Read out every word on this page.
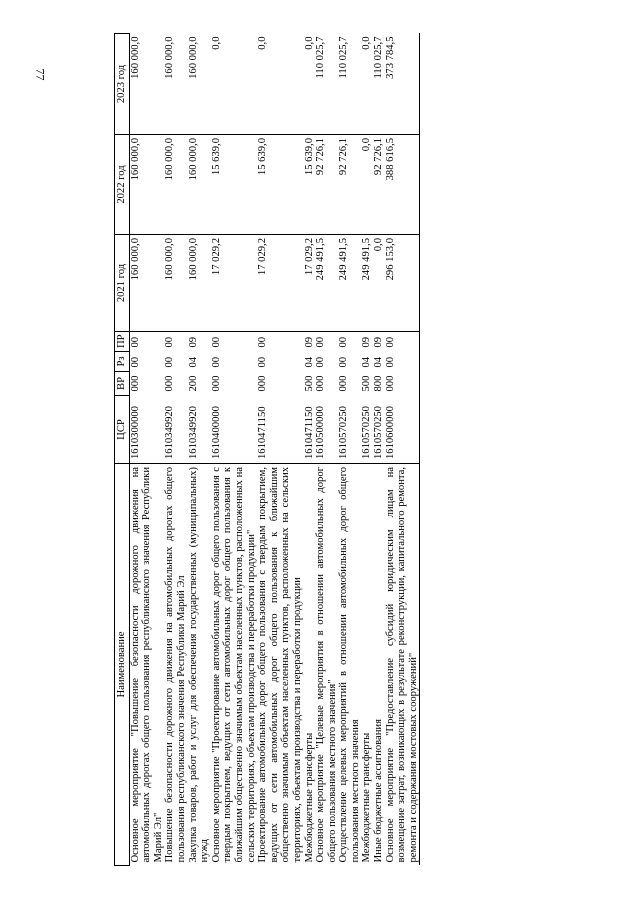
77
Наименование	ЦСР	ВР	Рз	ПР	2021 год	2022 год	2023 год
Основное мероприятие "Повышение безопасности дорожного движения на автомобильных дорогах общего пользования республиканского значения Республики Марий Эл"	1610300000	000	00	00	160 000,0	160 000,0	160 000,0
Повышение безопасности дорожного движения на автомобильных дорогах общего пользования республиканского значения Республики Марий Эл	1610349920	000	00	00	160 000,0	160 000,0	160 000,0
Закупка товаров, работ и услуг для обеспечения государственных (муниципальных) нужд	1610349920	200	04	09	160 000,0	160 000,0	160 000,0
Основное мероприятие "Проектирование автомобильных дорог общего пользования с твердым покрытием, ведущих от сети автомобильных дорог общего пользования к ближайшим общественно значимым объектам населенных пунктов, расположенных на сельских территориях, объектам производства и переработки продукции"	1610400000	000	00	00	17 029,2	15 639,0	0,0
Проектирование автомобильных дорог общего пользования с твердым покрытием, ведущих от сети автомобильных дорог общего пользования к ближайшим общественно значимым объектам населенных пунктов, расположенных на сельских территориях, объектам производства и переработки продукции	1610471150	000	00	00	17 029,2	15 639,0	0,0
Межбюджетные трансферты	1610471150	500	04	09	17 029,2	15 639,0	0,0
Основное мероприятие "Целевые мероприятия в отношении автомобильных дорог общего пользования местного значения"	1610500000	000	00	00	249 491,5	92 726,1	110 025,7
Осуществление целевых мероприятий в отношении автомобильных дорог общего пользования местного значения	1610570250	000	00	00	249 491,5	92 726,1	110 025,7
Межбюджетные трансферты	1610570250	500	04	09	249 491,5	0,0	0,0
Иные бюджетные ассигнования	1610570250	800	04	09	0,0	92 726,1	110 025,7
Основное мероприятие "Предоставление субсидий юридическим лицам на возмещение затрат, возникающих в результате реконструкции, капитального ремонта, ремонта и содержания мостовых сооружений"	1610600000	000	00	00	296 153,0	388 616,5	373 784,5
